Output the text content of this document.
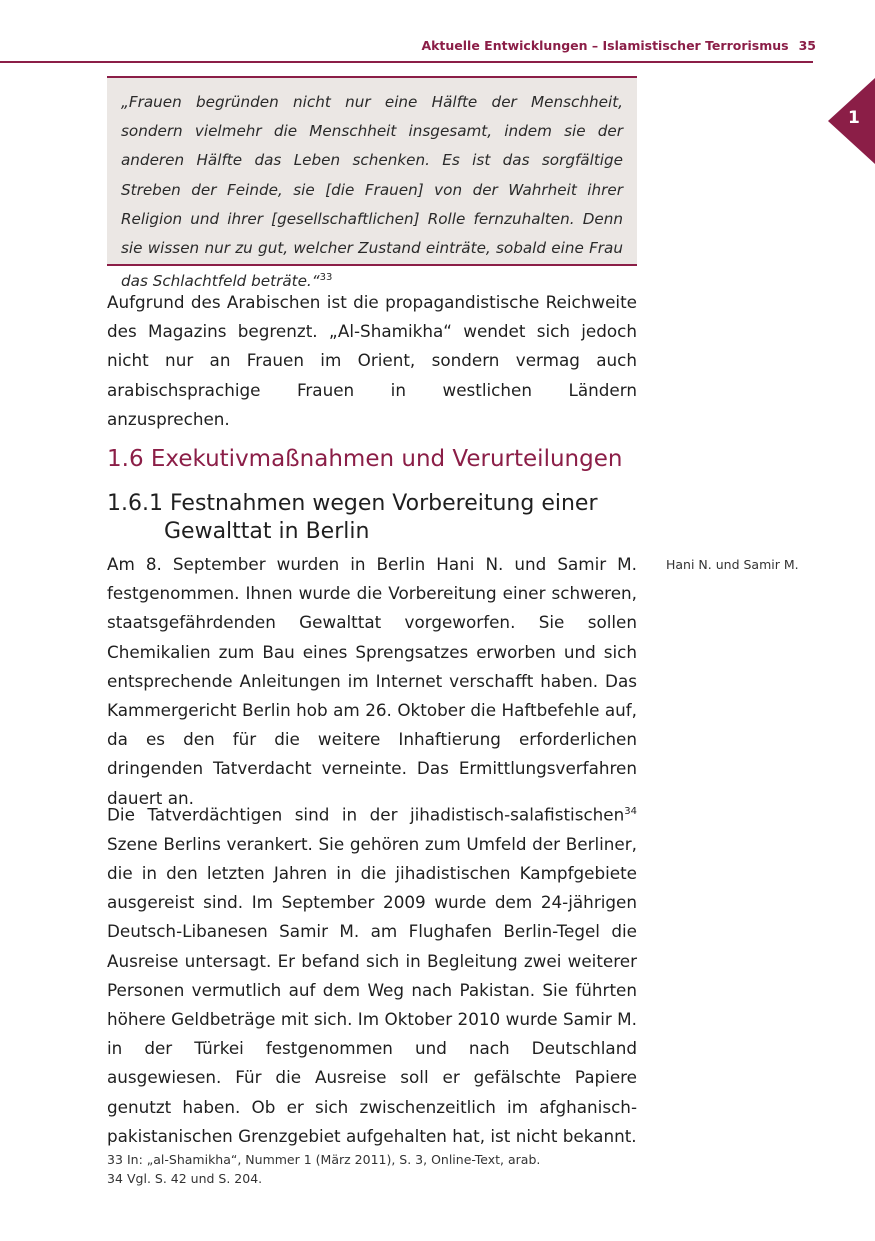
Aktuelle Entwicklungen – Islamistischer Terrorismus 35
1

„Frauen begründen nicht nur eine Hälfte der Menschheit, sondern vielmehr die Menschheit insgesamt, indem sie der anderen Hälfte das Leben schenken. Es ist das sorgfältige Streben der Feinde, sie [die Frauen] von der Wahrheit ihrer Religion und ihrer [gesellschaftlichen] Rolle fernzuhalten. Denn sie wissen nur zu gut, welcher Zustand einträte, sobald eine Frau das Schlachtfeld beträte.“$^{33}$

Aufgrund des Arabischen ist die propagandistische Reichweite des Magazins begrenzt. „Al-Shamikha“ wendet sich jedoch nicht nur an Frauen im Orient, sondern vermag auch arabischsprachige Frauen in westlichen Ländern anzusprechen.

1.6 Exekutivmaßnahmen und Verurteilungen
1.6.1 Festnahmen wegen Vorbereitung einer
Gewalttat in Berlin
Hani N. und Samir M.

Am 8. September wurden in Berlin Hani N. und Samir M. festgenommen. Ihnen wurde die Vorbereitung einer schweren, staatsgefährdenden Gewalttat vorgeworfen. Sie sollen Chemikalien zum Bau eines Sprengsatzes erworben und sich entsprechende Anleitungen im Internet verschafft haben. Das Kammergericht Berlin hob am 26. Oktober die Haftbefehle auf, da es den für die weitere Inhaftierung erforderlichen dringenden Tatverdacht verneinte. Das Ermittlungsverfahren dauert an.

Die Tatverdächtigen sind in der jihadistisch-salafistischen$^{34}$ Szene Berlins verankert. Sie gehören zum Umfeld der Berliner, die in den letzten Jahren in die jihadistischen Kampfgebiete ausgereist sind. Im September 2009 wurde dem 24-jährigen Deutsch-Libanesen Samir M. am Flughafen Berlin-Tegel die Ausreise untersagt. Er befand sich in Begleitung zwei weiterer Personen vermutlich auf dem Weg nach Pakistan. Sie führten höhere Geldbeträge mit sich. Im Oktober 2010 wurde Samir M. in der Türkei festgenommen und nach Deutschland ausgewiesen. Für die Ausreise soll er gefälschte Papiere genutzt haben. Ob er sich zwischenzeitlich im afghanisch-pakistanischen Grenzgebiet aufgehalten hat, ist nicht bekannt.

33 In: „al-Shamikha“, Nummer 1 (März 2011), S. 3, Online-Text, arab.
34 Vgl. S. 42 und S. 204.
